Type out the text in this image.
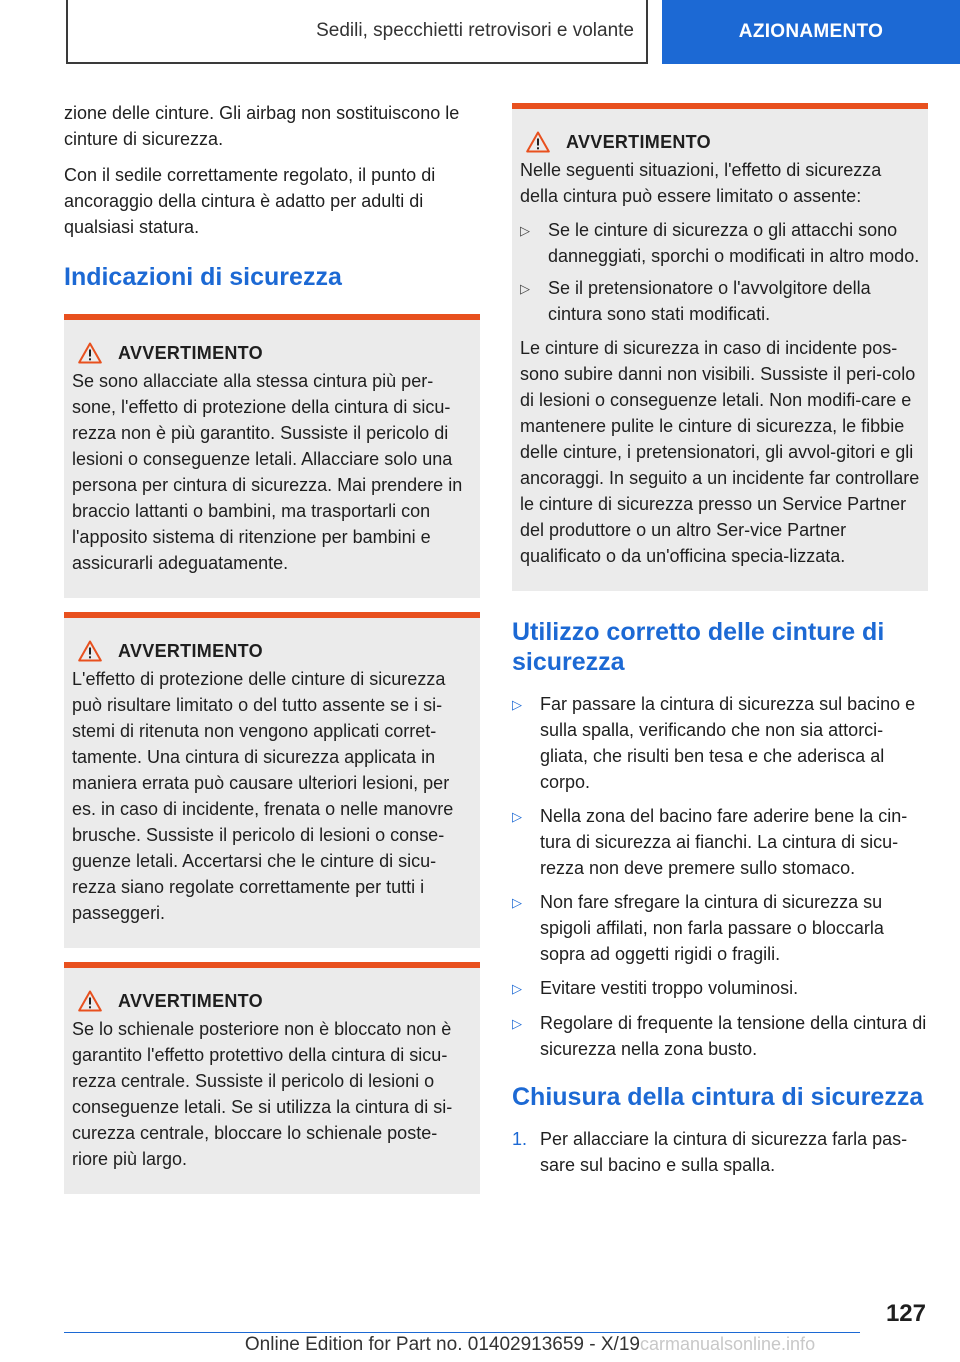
Sedili, specchietti retrovisori e volante	AZIONAMENTO

zione delle cinture. Gli airbag non sostituiscono le cinture di sicurezza.

Con il sedile correttamente regolato, il punto di ancoraggio della cintura è adatto per adulti di qualsiasi statura.

Indicazioni di sicurezza
AVVERTIMENTO

Se sono allacciate alla stessa cintura più per-sone, l'effetto di protezione della cintura di sicu-rezza non è più garantito. Sussiste il pericolo di lesioni o conseguenze letali. Allacciare solo una persona per cintura di sicurezza. Mai prendere in braccio lattanti o bambini, ma trasportarli con l'apposito sistema di ritenzione per bambini e assicurarli adeguatamente.

AVVERTIMENTO

L'effetto di protezione delle cinture di sicurezza può risultare limitato o del tutto assente se i si-stemi di ritenuta non vengono applicati corret-tamente. Una cintura di sicurezza applicata in maniera errata può causare ulteriori lesioni, per es. in caso di incidente, frenata o nelle manovre brusche. Sussiste il pericolo di lesioni o conse-guenze letali. Accertarsi che le cinture di sicu-rezza siano regolate correttamente per tutti i passeggeri.

AVVERTIMENTO

Se lo schienale posteriore non è bloccato non è garantito l'effetto protettivo della cintura di sicu-rezza centrale. Sussiste il pericolo di lesioni o conseguenze letali. Se si utilizza la cintura di si-curezza centrale, bloccare lo schienale poste-riore più largo.

AVVERTIMENTO

Nelle seguenti situazioni, l'effetto di sicurezza della cintura può essere limitato o assente:

▷	Se le cinture di sicurezza o gli attacchi sono danneggiati, sporchi o modificati in altro modo.
▷	Se il pretensionatore o l'avvolgitore della cintura sono stati modificati.

Le cinture di sicurezza in caso di incidente pos-sono subire danni non visibili. Sussiste il peri-colo di lesioni o conseguenze letali. Non modifi-care e mantenere pulite le cinture di sicurezza, le fibbie delle cinture, i pretensionatori, gli avvol-gitori e gli ancoraggi. In seguito a un incidente far controllare le cinture di sicurezza presso un Service Partner del produttore o un altro Ser-vice Partner qualificato o da un'officina specia-lizzata.

Utilizzo corretto delle cinture di sicurezza
▷	Far passare la cintura di sicurezza sul bacino e sulla spalla, verificando che non sia attorci-gliata, che risulti ben tesa e che aderisca al corpo.
▷	Nella zona del bacino fare aderire bene la cin-tura di sicurezza ai fianchi. La cintura di sicu-rezza non deve premere sullo stomaco.
▷	Non fare sfregare la cintura di sicurezza su spigoli affilati, non farla passare o bloccarla sopra ad oggetti rigidi o fragili.
▷	Evitare vestiti troppo voluminosi.
▷	Regolare di frequente la tensione della cintura di sicurezza nella zona busto.
Chiusura della cintura di sicurezza
1. Per allacciare la cintura di sicurezza farla pas-sare sul bacino e sulla spalla.
127
Online Edition for Part no. 01402913659 - X/19carmanualsonline.info
